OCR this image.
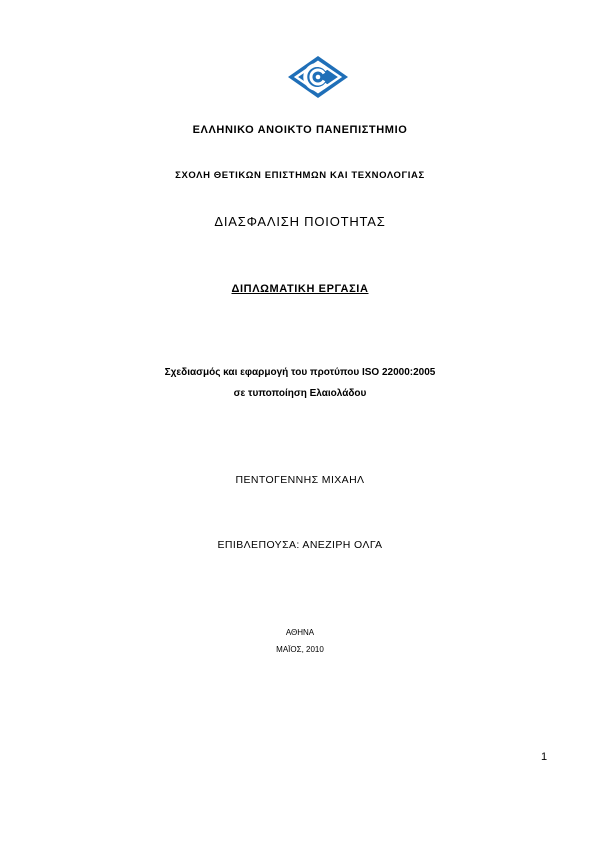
ΕΛΛΗΝΙΚΟ ΑΝΟΙΚΤΟ ΠΑΝΕΠΙΣΤΗΜΙΟ
ΣΧΟΛΗ ΘΕΤΙΚΩΝ ΕΠΙΣΤΗΜΩΝ ΚΑΙ ΤΕΧΝΟΛΟΓΙΑΣ
ΔΙΑΣΦΑΛΙΣΗ ΠΟΙΟΤΗΤΑΣ
ΔΙΠΛΩΜΑΤΙΚΗ ΕΡΓΑΣΙΑ
Σχεδιασμός και εφαρμογή του προτύπου ISO 22000:2005
σε τυποποίηση Ελαιολάδου
ΠΕΝΤΟΓΕΝΝΗΣ ΜΙΧΑΗΛ
ΕΠΙΒΛΕΠΟΥΣΑ: ΑΝΕΖΙΡΗ ΟΛΓΑ
ΑΘΗΝΑ
ΜΑΪΟΣ, 2010
1
